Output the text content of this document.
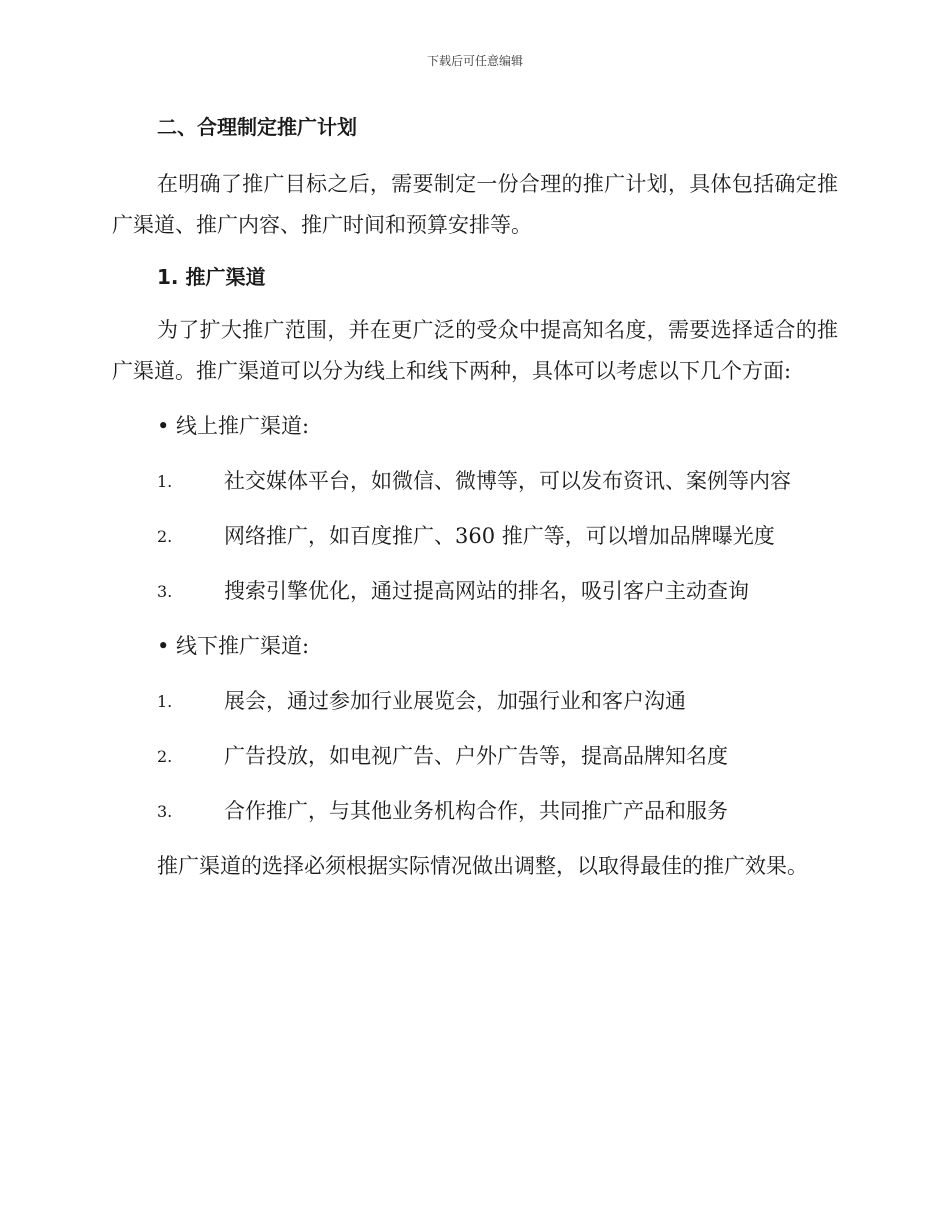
下载后可任意编辑
二、合理制定推广计划

在明确了推广目标之后，需要制定一份合理的推广计划，具体包括确定推广渠道、推广内容、推广时间和预算安排等。

1. 推广渠道

为了扩大推广范围，并在更广泛的受众中提高知名度，需要选择适合的推广渠道。推广渠道可以分为线上和线下两种，具体可以考虑以下几个方面:

• 线上推广渠道:
1.	社交媒体平台，如微信、微博等，可以发布资讯、案例等内容
2.	网络推广，如百度推广、360 推广等，可以增加品牌曝光度
3.	搜索引擎优化，通过提高网站的排名，吸引客户主动查询
• 线下推广渠道:
1.	展会，通过参加行业展览会，加强行业和客户沟通
2.	广告投放，如电视广告、户外广告等，提高品牌知名度
3.	合作推广，与其他业务机构合作，共同推广产品和服务

推广渠道的选择必须根据实际情况做出调整，以取得最佳的推广效果。
